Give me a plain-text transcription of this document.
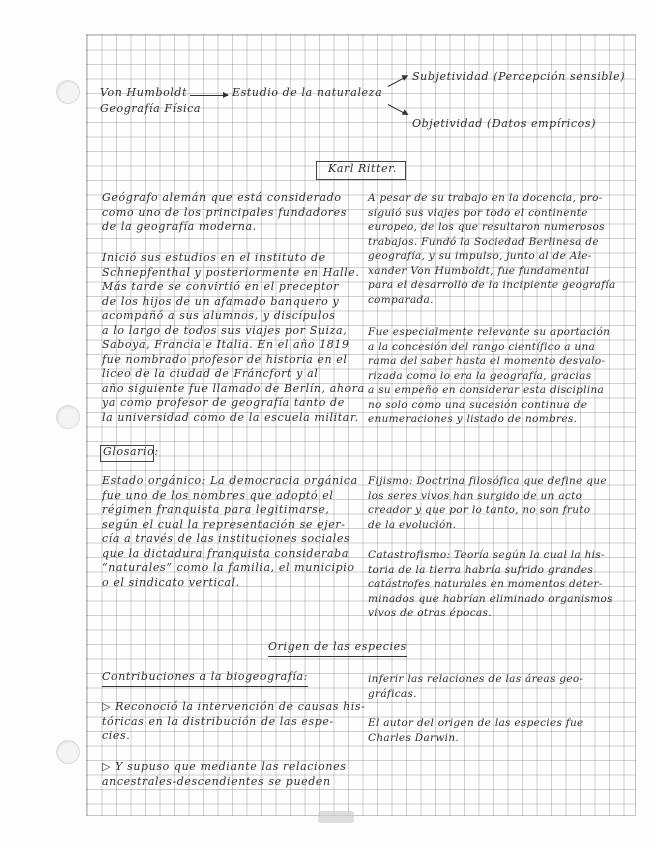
Von Humboldt
Geografía Física
Estudio de la naturaleza
Subjetividad (Percepción sensible)
Objetividad (Datos empíricos)
Karl Ritter.
Geógrafo alemán que está considerado
como uno de los principales fundadores
de la geografía moderna.
Inició sus estudios en el instituto de
Schnepfenthal y posteriormente en Halle.
Más tarde se convirtió en el preceptor
de los hijos de un afamado banquero y
acompañó a sus alumnos, y discípulos
a lo largo de todos sus viajes por Suiza,
Saboya, Francia e Italia. En el año 1819
fue nombrado profesor de historia en el
liceo de la ciudad de Fráncfort y al
año siguiente fue llamado de Berlín, ahora
ya como profesor de geografía tanto de
la universidad como de la escuela militar.
A pesar de su trabajo en la docencia, pro-
siguió sus viajes por todo el continente
europeo, de los que resultaron numerosos
trabajos. Fundó la Sociedad Berlinesa de
geografía, y su impulso, junto al de Ale-
xander Von Humboldt, fue fundamental
para el desarrollo de la incipiente geografía
comparada.
Fue especialmente relevante su aportación
a la concesión del rango científico a una
rama del saber hasta el momento desvalo-
rizada como lo era la geografía, gracias
a su empeño en considerar esta disciplina
no solo como una sucesión continua de
enumeraciones y listado de nombres.
Glosario:
Estado orgánico: La democracia orgánica
fue uno de los nombres que adoptó el
régimen franquista para legitimarse,
según el cual la representación se ejer-
cía a través de las instituciones sociales
que la dictadura franquista consideraba
“naturales” como la familia, el municipio
o el sindicato vertical.
Fijismo: Doctrina filosófica que define que
los seres vivos han surgido de un acto
creador y que por lo tanto, no son fruto
de la evolución.
Catastrofismo: Teoría según la cual la his-
toria de la tierra habría sufrido grandes
catástrofes naturales en momentos deter-
minados que habrían eliminado organismos
vivos de otras épocas.
Origen de las especies
Contribuciones a la biogeografía:
▷ Reconoció la intervención de causas his-
tóricas en la distribución de las espe-
cies.
▷ Y supuso que mediante las relaciones
ancestrales-descendientes se pueden
inferir las relaciones de las áreas geo-
gráficas.
El autor del origen de las especies fue
Charles Darwin.
